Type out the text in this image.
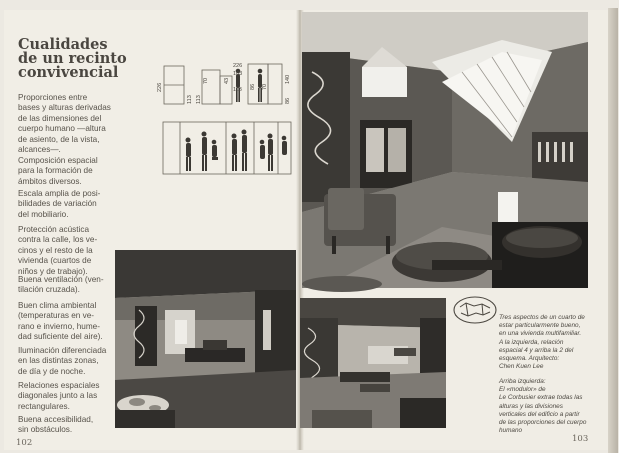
Cualidades
de un recinto
convivencial

Proporciones entre
bases y alturas derivadas
de las dimensiones del
cuerpo humano —altura
de asiento, de la vista,
alcances—.

Composición espacial
para la formación de
ámbitos diversos.

Escala amplia de posi-
bilidades de variación
del mobiliario.

Protección acústica
contra la calle, los ve-
cinos y el resto de la
vivienda (cuartos de
niños y de trabajo).

Buena ventilación (ven-
tilación cruzada).

Buen clima ambiental
(temperaturas en ve-
rano e invierno, hume-
dad suficiente del aire).

Iluminación diferenciada
en las distintas zonas,
de día y de noche.

Relaciones espaciales
diagonales junto a las
rectangulares.

Buena accesibilidad,
sin obstáculos.

102

226
113 113
70	43
226
183
113 86 70
140
86

Tres aspectos de un cuarto de
estar particularmente bueno,
en una vivienda multifamiliar.
A la izquierda, relación
espacial 4 y arriba la 2 del
esquema. Arquitecto:
Chen Kuen Lee

Arriba izquierda:
El «modulor» de
Le Corbusier extrae todas las
alturas y las divisiones
verticales del edificio a partir
de las proporciones del cuerpo
humano

103
